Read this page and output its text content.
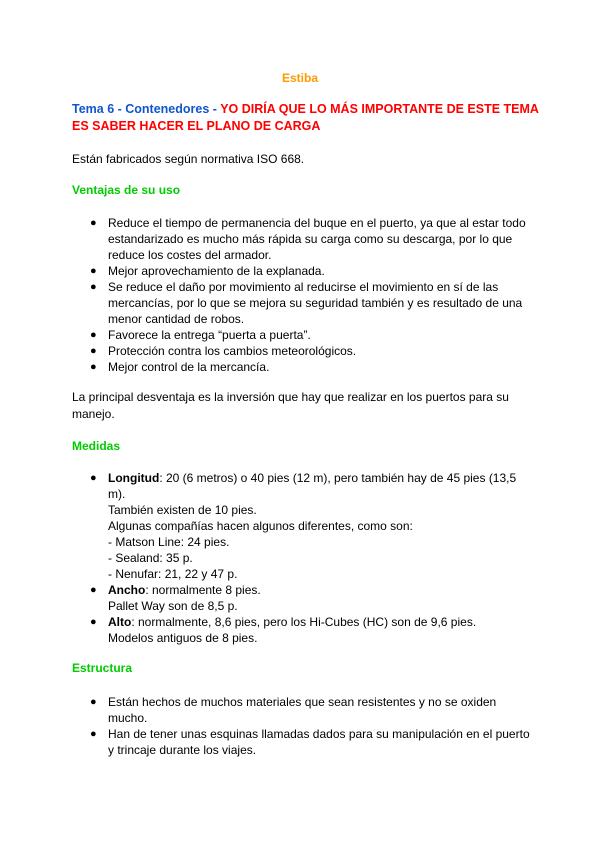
Estiba
Tema 6 - Contenedores - YO DIRÍA QUE LO MÁS IMPORTANTE DE ESTE TEMA ES SABER HACER EL PLANO DE CARGA
Están fabricados según normativa ISO 668.
Ventajas de su uso
● Reduce el tiempo de permanencia del buque en el puerto, ya que al estar todo estandarizado es mucho más rápida su carga como su descarga, por lo que reduce los costes del armador.
● Mejor aprovechamiento de la explanada.
● Se reduce el daño por movimiento al reducirse el movimiento en sí de las mercancías, por lo que se mejora su seguridad también y es resultado de una menor cantidad de robos.
● Favorece la entrega “puerta a puerta”.
● Protección contra los cambios meteorológicos.
● Mejor control de la mercancía.
La principal desventaja es la inversión que hay que realizar en los puertos para su manejo.
Medidas
● Longitud: 20 (6 metros) o 40 pies (12 m), pero también hay de 45 pies (13,5 m).
También existen de 10 pies.
Algunas compañías hacen algunos diferentes, como son:
- Matson Line: 24 pies.
- Sealand: 35 p.
- Nenufar: 21, 22 y 47 p.
● Ancho: normalmente 8 pies.
Pallet Way son de 8,5 p.
● Alto: normalmente, 8,6 pies, pero los Hi-Cubes (HC) son de 9,6 pies.
Modelos antiguos de 8 pies.
Estructura
● Están hechos de muchos materiales que sean resistentes y no se oxiden mucho.
● Han de tener unas esquinas llamadas dados para su manipulación en el puerto y trincaje durante los viajes.
